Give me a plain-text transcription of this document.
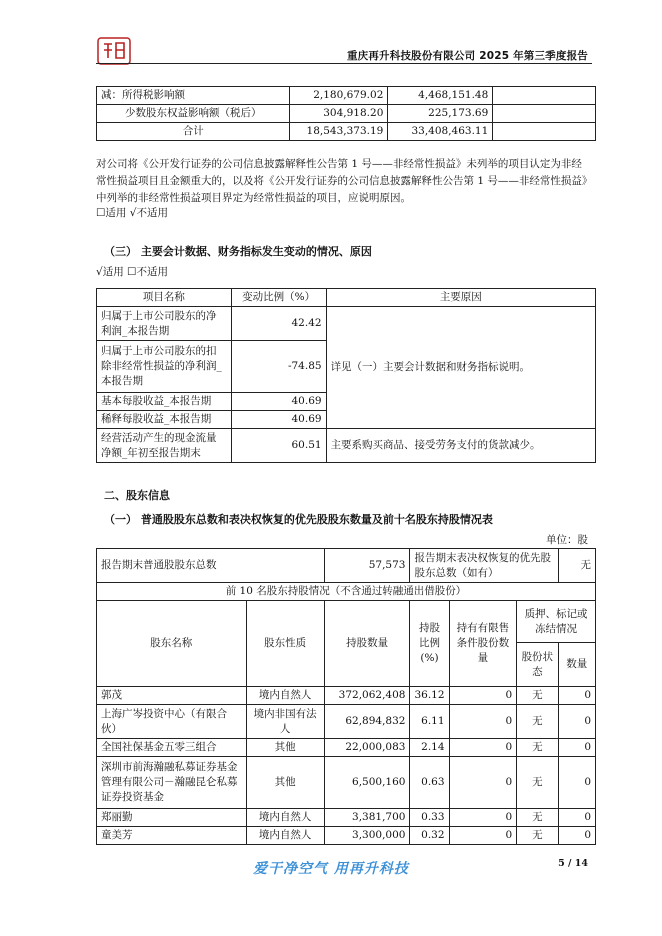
重庆再升科技股份有限公司 2025 年第三季度报告
减：所得税影响额	2,180,679.02	4,468,151.48	
少数股东权益影响额（税后）	304,918.20	225,173.69	
合计	18,543,373.19	33,408,463.11	
对公司将《公开发行证券的公司信息披露解释性公告第 1 号——非经常性损益》未列举的项目认定为非经常性损益项目且金额重大的，以及将《公开发行证券的公司信息披露解释性公告第 1 号——非经常性损益》中列举的非经常性损益项目界定为经常性损益的项目，应说明原因。
☐适用 √不适用
（三） 主要会计数据、财务指标发生变动的情况、原因
√适用 ☐不适用
项目名称	变动比例（%）	主要原因
归属于上市公司股东的净利润_本报告期	42.42	详见（一）主要会计数据和财务指标说明。
归属于上市公司股东的扣除非经常性损益的净利润_本报告期	-74.85	
基本每股收益_本报告期	40.69	
稀释每股收益_本报告期	40.69	
经营活动产生的现金流量净额_年初至报告期末	60.51	主要系购买商品、接受劳务支付的货款减少。
二、股东信息
（一） 普通股股东总数和表决权恢复的优先股股东数量及前十名股东持股情况表
单位：股
报告期末普通股股东总数		57,573	报告期末表决权恢复的优先股股东总数（如有）			无
前 10 名股东持股情况（不含通过转融通出借股份）						
股东名称	股东性质	持股数量	持股比例(%)	持有有限售条件股份数量	质押、标记或冻结情况	
					股份状态	数量
郭茂	境内自然人	372,062,408	36.12	0	无	0
上海广岑投资中心（有限合伙）	境内非国有法人	62,894,832	6.11	0	无	0
全国社保基金五零三组合	其他	22,000,083	2.14	0	无	0
深圳市前海瀚融私募证券基金管理有限公司－瀚融昆仑私募证券投资基金	其他	6,500,160	0.63	0	无	0
郑丽勤	境内自然人	3,381,700	0.33	0	无	0
童美芳	境内自然人	3,300,000	0.32	0	无	0
爱干净空气 用再升科技	5 / 14
